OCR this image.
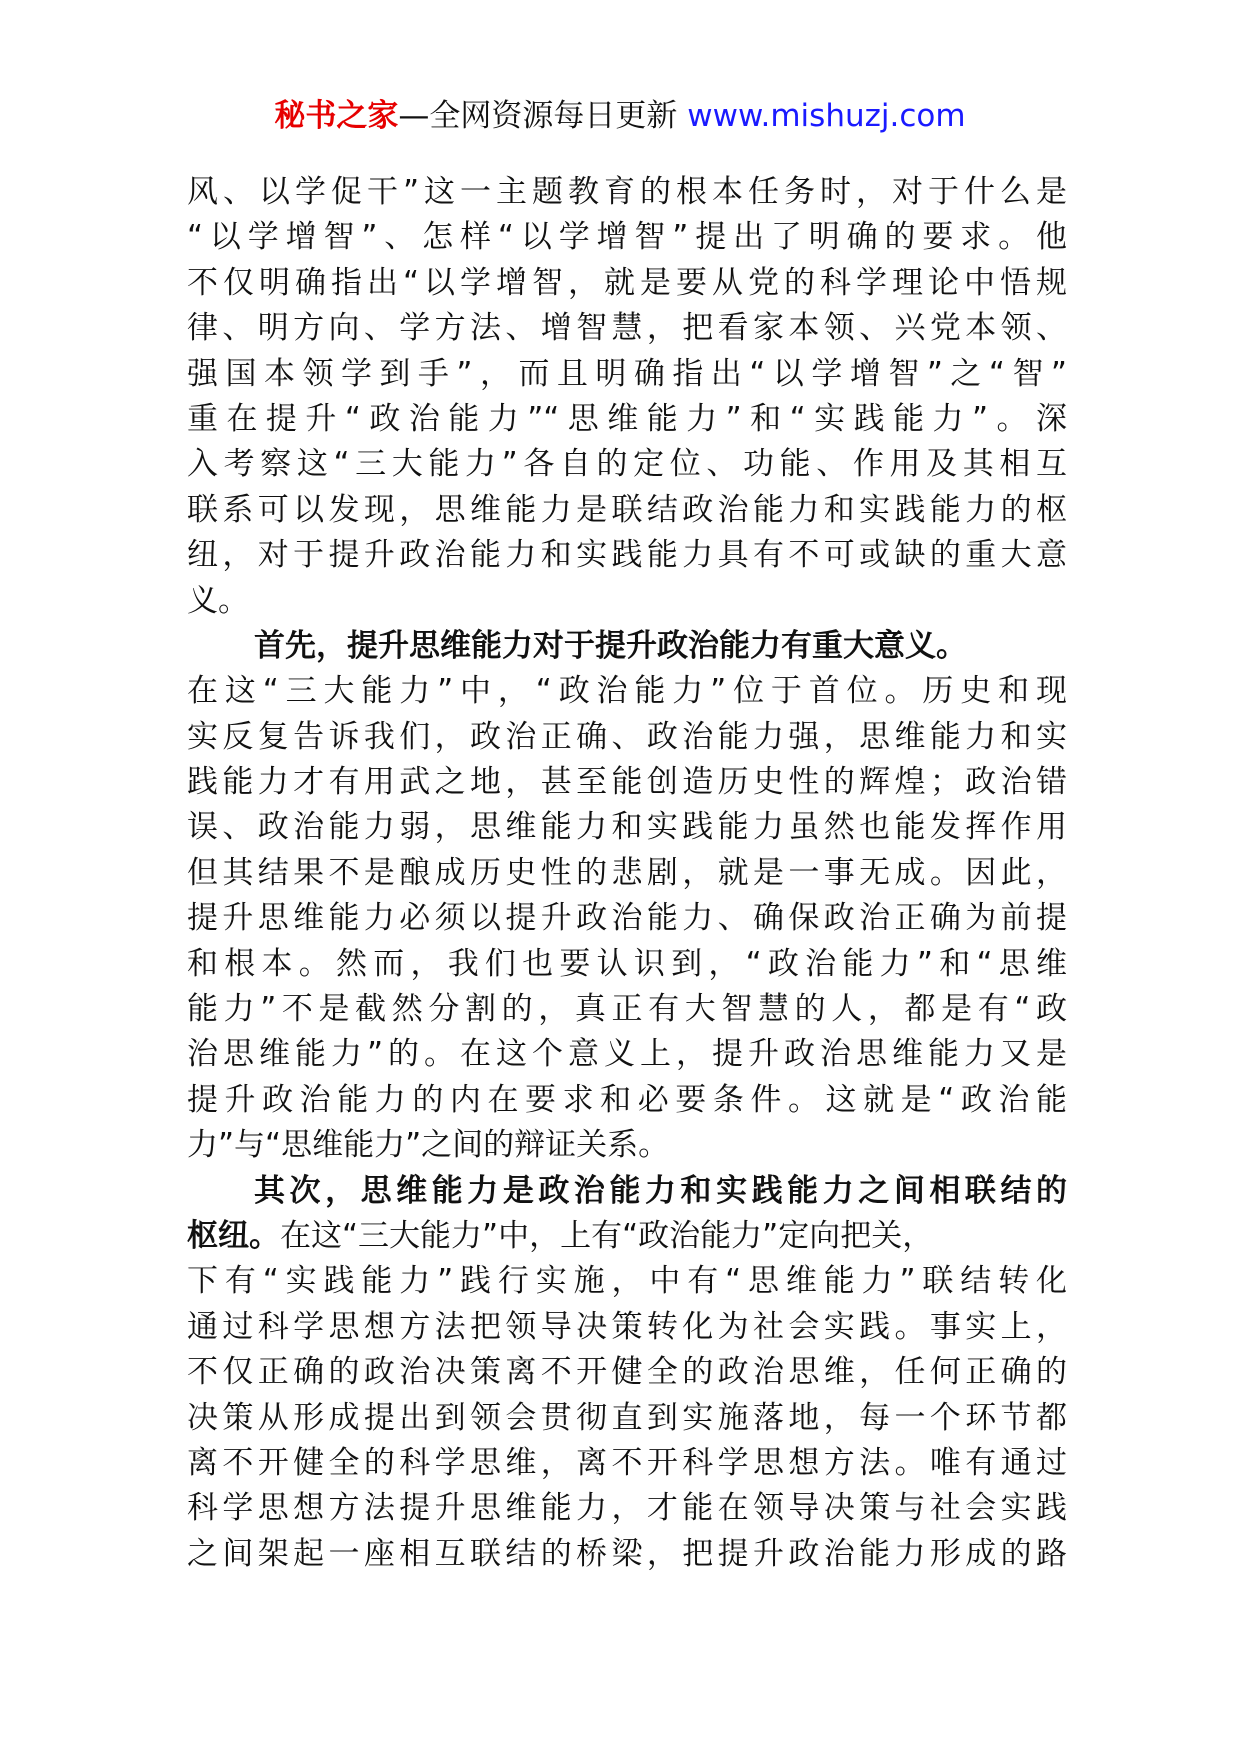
秘书之家—全网资源每日更新 www.mishuzj.com
风、以学促干”这一主题教育的根本任务时，对于什么是
“以学增智”、怎样“以学增智”提出了明确的要求。他
不仅明确指出“以学增智，就是要从党的科学理论中悟规
律、明方向、学方法、增智慧，把看家本领、兴党本领、
强国本领学到手”，而且明确指出“以学增智”之“智”
重在提升“政治能力”“思维能力”和“实践能力”。深
入考察这“三大能力”各自的定位、功能、作用及其相互
联系可以发现，思维能力是联结政治能力和实践能力的枢
纽，对于提升政治能力和实践能力具有不可或缺的重大意
义。
首先，提升思维能力对于提升政治能力有重大意义。
在这“三大能力”中，“政治能力”位于首位。历史和现
实反复告诉我们，政治正确、政治能力强，思维能力和实
践能力才有用武之地，甚至能创造历史性的辉煌；政治错
误、政治能力弱，思维能力和实践能力虽然也能发挥作用
但其结果不是酿成历史性的悲剧，就是一事无成。因此，
提升思维能力必须以提升政治能力、确保政治正确为前提
和根本。然而，我们也要认识到，“政治能力”和“思维
能力”不是截然分割的，真正有大智慧的人，都是有“政
治思维能力”的。在这个意义上，提升政治思维能力又是
提升政治能力的内在要求和必要条件。这就是“政治能
力”与“思维能力”之间的辩证关系。
其次，思维能力是政治能力和实践能力之间相联结的
枢纽。在这“三大能力”中，上有“政治能力”定向把关，
下有“实践能力”践行实施，中有“思维能力”联结转化
通过科学思想方法把领导决策转化为社会实践。事实上，
不仅正确的政治决策离不开健全的政治思维，任何正确的
决策从形成提出到领会贯彻直到实施落地，每一个环节都
离不开健全的科学思维，离不开科学思想方法。唯有通过
科学思想方法提升思维能力，才能在领导决策与社会实践
之间架起一座相互联结的桥梁，把提升政治能力形成的路
